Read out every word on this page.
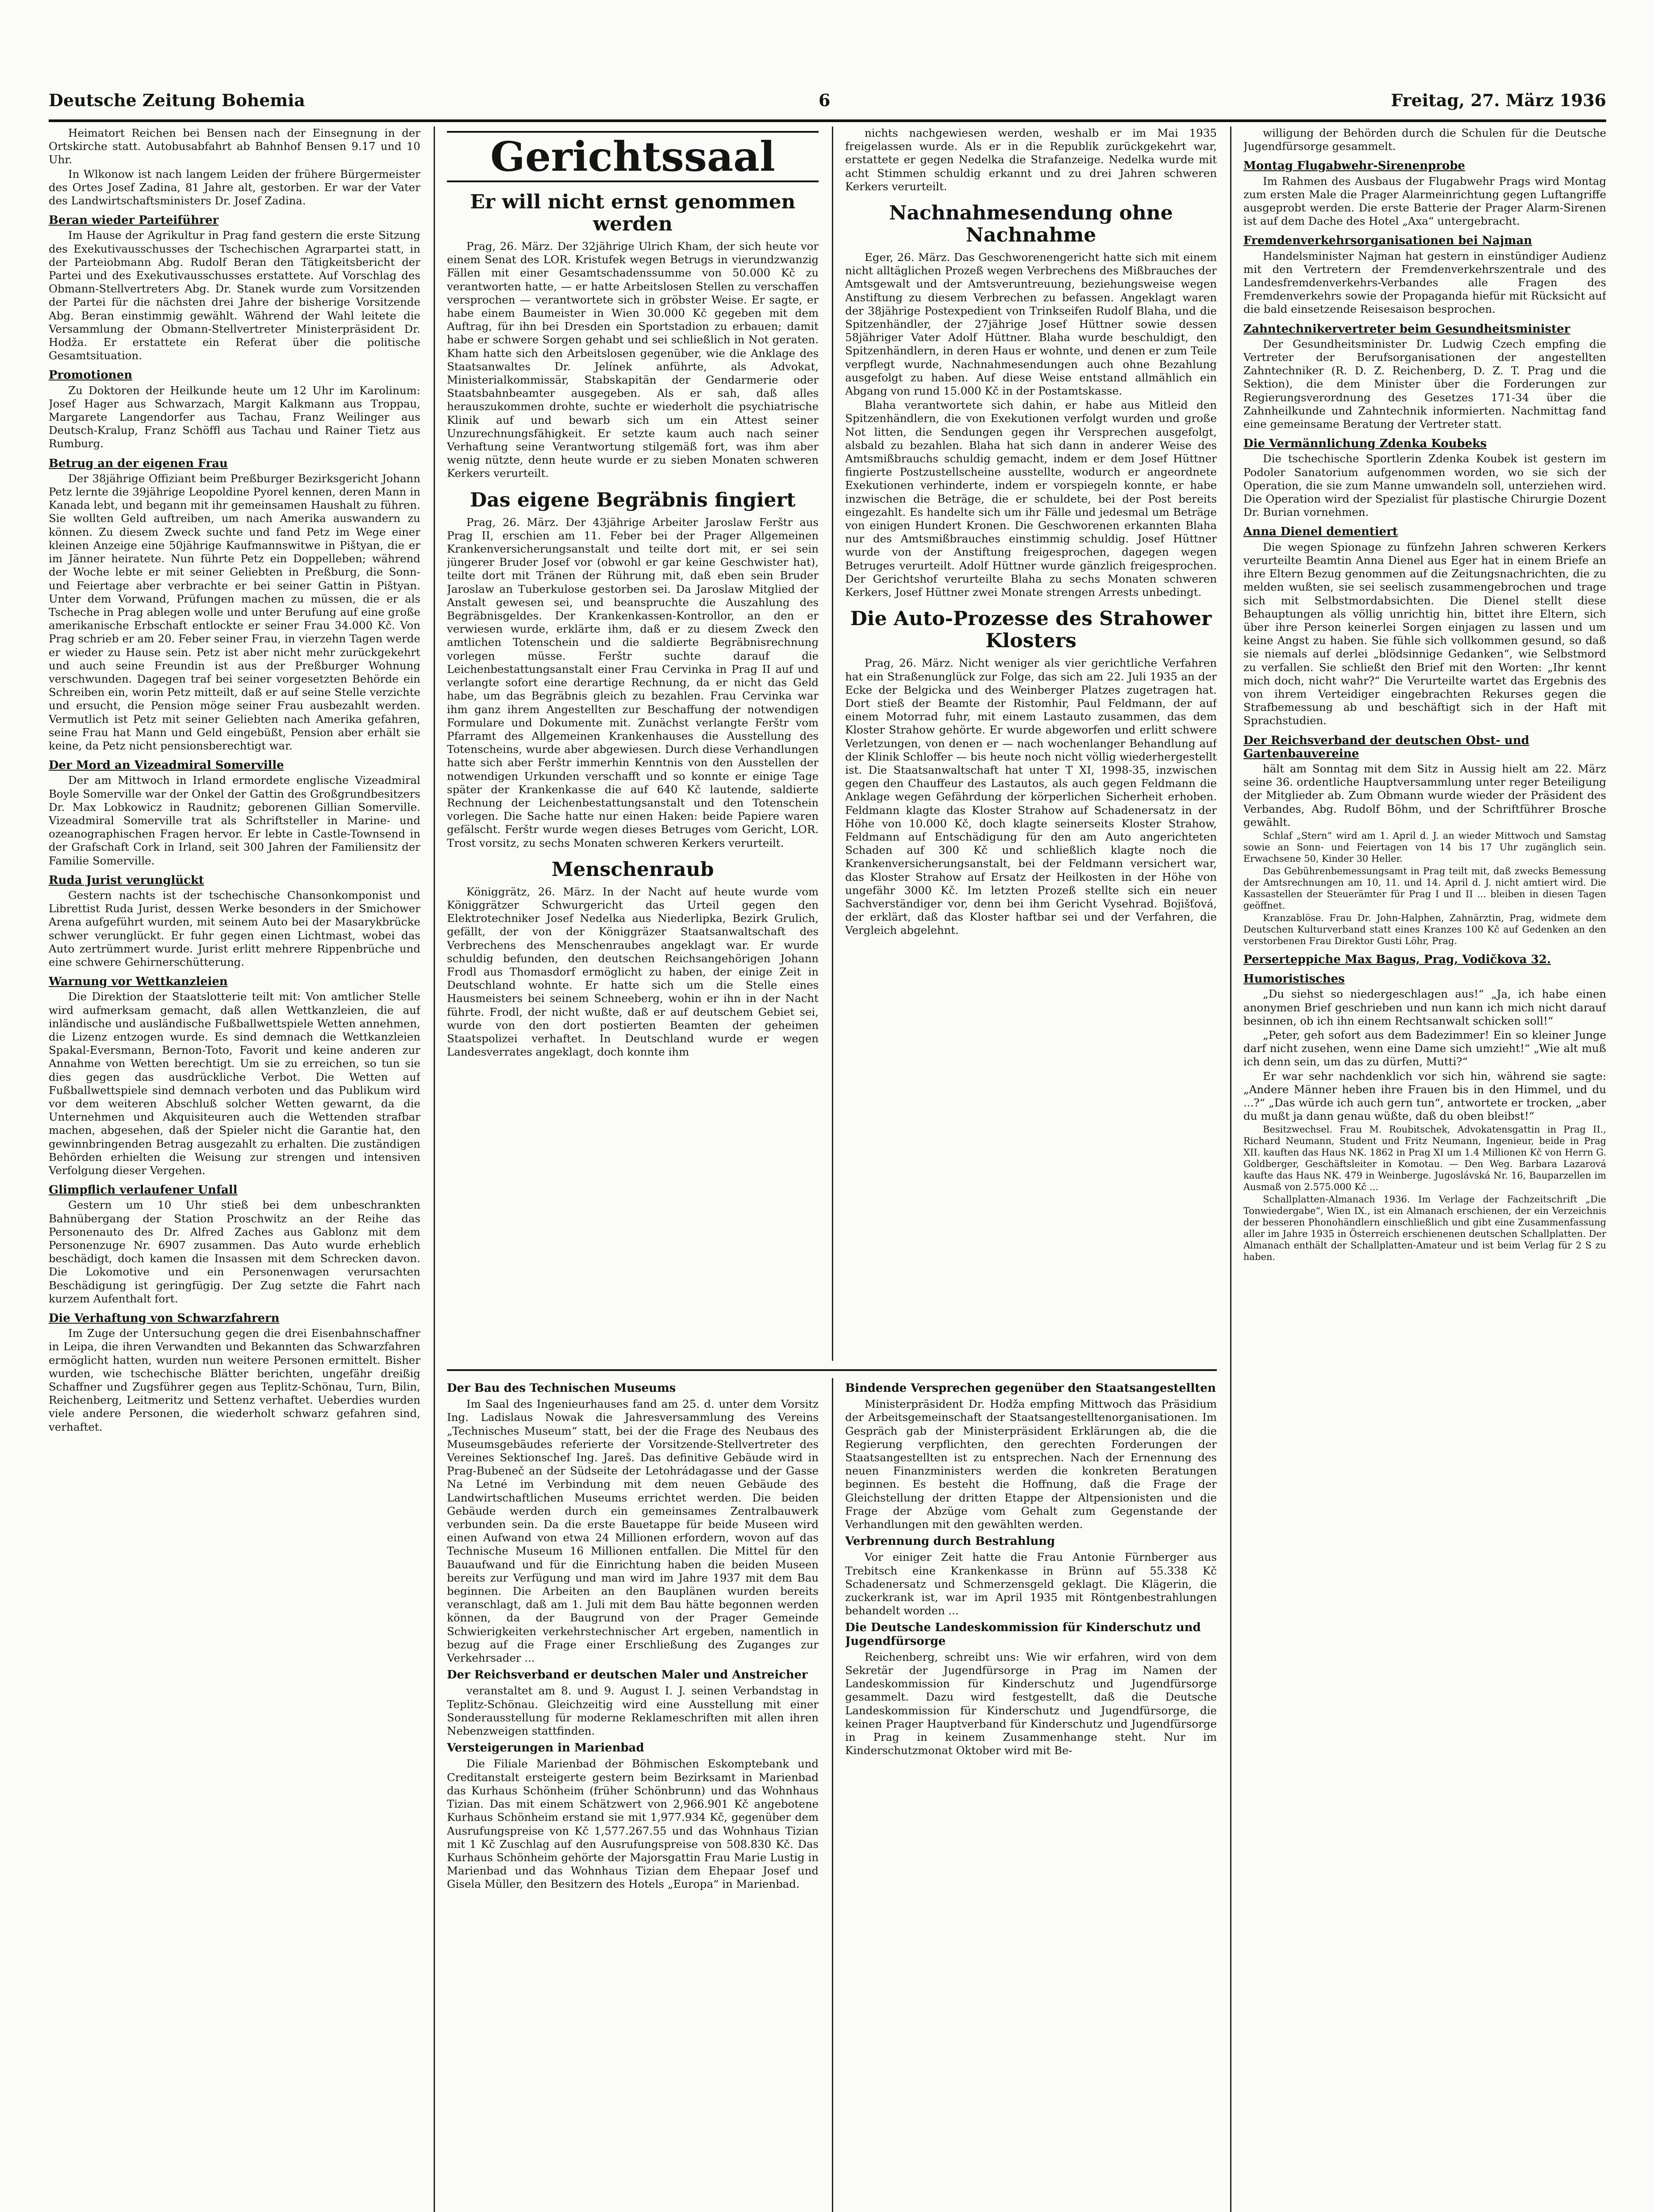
Deutsche Zeitung Bohemia	6	Freitag, 27. März 1936

Heimatort Reichen bei Bensen nach der Einsegnung in der Ortskirche statt. Autobusabfahrt ab Bahnhof Bensen 9.17 und 10 Uhr.

In Wlkonow ist nach langem Leiden der frühere Bürgermeister des Ortes Josef Zadina, 81 Jahre alt, gestorben. Er war der Vater des Landwirtschaftsministers Dr. Josef Zadina.

Beran wieder Parteiführer

Im Hause der Agrikultur in Prag fand gestern die erste Sitzung des Exekutivausschusses der Tschechischen Agrarpartei statt, in der Parteiobmann Abg. Rudolf Beran den Tätigkeitsbericht der Partei und des Exekutivausschusses erstattete. Auf Vorschlag des Obmann-Stellvertreters Abg. Dr. Stanek wurde zum Vorsitzenden der Partei für die nächsten drei Jahre der bisherige Vorsitzende Abg. Beran einstimmig gewählt. Während der Wahl leitete die Versammlung der Obmann-Stellvertreter Ministerpräsident Dr. Hodža. Er erstattete ein Referat über die politische Gesamtsituation.

Promotionen

Zu Doktoren der Heilkunde heute um 12 Uhr im Karolinum: Josef Hager aus Schwarzach, Margit Kalkmann aus Troppau, Margarete Langendorfer aus Tachau, Franz Weilinger aus Deutsch-Kralup, Franz Schöffl aus Tachau und Rainer Tietz aus Rumburg.

Betrug an der eigenen Frau

Der 38jährige Offiziant beim Preßburger Bezirksgericht Johann Petz lernte die 39jährige Leopoldine Pyorel kennen, deren Mann in Kanada lebt, und begann mit ihr gemeinsamen Haushalt zu führen. Sie wollten Geld auftreiben, um nach Amerika auswandern zu können. Zu diesem Zweck suchte und fand Petz im Wege einer kleinen Anzeige eine 50jährige Kaufmannswitwe in Pištyan, die er im Jänner heiratete. Nun führte Petz ein Doppelleben; während der Woche lebte er mit seiner Geliebten in Preßburg, die Sonn- und Feiertage aber verbrachte er bei seiner Gattin in Pištyan. Unter dem Vorwand, Prüfungen machen zu müssen, die er als Tscheche in Prag ablegen wolle und unter Berufung auf eine große amerikanische Erbschaft entlockte er seiner Frau 34.000 Kč. Von Prag schrieb er am 20. Feber seiner Frau, in vierzehn Tagen werde er wieder zu Hause sein. Petz ist aber nicht mehr zurückgekehrt und auch seine Freundin ist aus der Preßburger Wohnung verschwunden. Dagegen traf bei seiner vorgesetzten Behörde ein Schreiben ein, worin Petz mitteilt, daß er auf seine Stelle verzichte und ersucht, die Pension möge seiner Frau ausbezahlt werden. Vermutlich ist Petz mit seiner Geliebten nach Amerika gefahren, seine Frau hat Mann und Geld eingebüßt, Pension aber erhält sie keine, da Petz nicht pensionsberechtigt war.

Der Mord an Vizeadmiral Somerville

Der am Mittwoch in Irland ermordete englische Vizeadmiral Boyle Somerville war der Onkel der Gattin des Großgrundbesitzers Dr. Max Lobkowicz in Raudnitz; geborenen Gillian Somerville. Vizeadmiral Somerville trat als Schriftsteller in Marine- und ozeanographischen Fragen hervor. Er lebte in Castle-Townsend in der Grafschaft Cork in Irland, seit 300 Jahren der Familiensitz der Familie Somerville.

Ruda Jurist verunglückt

Gestern nachts ist der tschechische Chansonkomponist und Librettist Ruda Jurist, dessen Werke besonders in der Smichower Arena aufgeführt wurden, mit seinem Auto bei der Masarykbrücke schwer verunglückt. Er fuhr gegen einen Lichtmast, wobei das Auto zertrümmert wurde. Jurist erlitt mehrere Rippenbrüche und eine schwere Gehirnerschütterung.

Warnung vor Wettkanzleien

Die Direktion der Staatslotterie teilt mit: Von amtlicher Stelle wird aufmerksam gemacht, daß allen Wettkanzleien, die auf inländische und ausländische Fußballwettspiele Wetten annehmen, die Lizenz entzogen wurde. Es sind demnach die Wettkanzleien Spakal-Eversmann, Bernon-Toto, Favorit und keine anderen zur Annahme von Wetten berechtigt. Um sie zu erreichen, so tun sie dies gegen das ausdrückliche Verbot. Die Wetten auf Fußballwettspiele sind demnach verboten und das Publikum wird vor dem weiteren Abschluß solcher Wetten gewarnt, da die Unternehmen und Akquisiteuren auch die Wettenden strafbar machen, abgesehen, daß der Spieler nicht die Garantie hat, den gewinnbringenden Betrag ausgezahlt zu erhalten. Die zuständigen Behörden erhielten die Weisung zur strengen und intensiven Verfolgung dieser Vergehen.

Glimpflich verlaufener Unfall

Gestern um 10 Uhr stieß bei dem unbeschrankten Bahnübergang der Station Proschwitz an der Reihe das Personenauto des Dr. Alfred Zaches aus Gablonz mit dem Personenzuge Nr. 6907 zusammen. Das Auto wurde erheblich beschädigt, doch kamen die Insassen mit dem Schrecken davon. Die Lokomotive und ein Personenwagen verursachten Beschädigung ist geringfügig. Der Zug setzte die Fahrt nach kurzem Aufenthalt fort.

Die Verhaftung von Schwarzfahrern

Im Zuge der Untersuchung gegen die drei Eisenbahnschaffner in Leipa, die ihren Verwandten und Bekannten das Schwarzfahren ermöglicht hatten, wurden nun weitere Personen ermittelt. Bisher wurden, wie tschechische Blätter berichten, ungefähr dreißig Schaffner und Zugsführer gegen aus Teplitz-Schönau, Turn, Bilin, Reichenberg, Leitmeritz und Settenz verhaftet. Ueberdies wurden viele andere Personen, die wiederholt schwarz gefahren sind, verhaftet.

Gerichtssaal
Er will nicht ernst genommen werden

Prag, 26. März. Der 32jährige Ulrich Kham, der sich heute vor einem Senat des LOR. Kristufek wegen Betrugs in vierundzwanzig Fällen mit einer Gesamtschadenssumme von 50.000 Kč zu verantworten hatte, — er hatte Arbeitslosen Stellen zu verschaffen versprochen — verantwortete sich in gröbster Weise. Er sagte, er habe einem Baumeister in Wien 30.000 Kč gegeben mit dem Auftrag, für ihn bei Dresden ein Sportstadion zu erbauen; damit habe er schwere Sorgen gehabt und sei schließlich in Not geraten. Kham hatte sich den Arbeitslosen gegenüber, wie die Anklage des Staatsanwaltes Dr. Jelínek anführte, als Advokat, Ministerialkommissär, Stabskapitän der Gendarmerie oder Staatsbahnbeamter ausgegeben. Als er sah, daß alles herauszukommen drohte, suchte er wiederholt die psychiatrische Klinik auf und bewarb sich um ein Attest seiner Unzurechnungsfähigkeit. Er setzte kaum auch nach seiner Verhaftung seine Verantwortung stilgemäß fort, was ihm aber wenig nützte, denn heute wurde er zu sieben Monaten schweren Kerkers verurteilt.

Das eigene Begräbnis fingiert

Prag, 26. März. Der 43jährige Arbeiter Jaroslaw Ferštr aus Prag II, erschien am 11. Feber bei der Prager Allgemeinen Krankenversicherungsanstalt und teilte dort mit, er sei sein jüngerer Bruder Josef vor (obwohl er gar keine Geschwister hat), teilte dort mit Tränen der Rührung mit, daß eben sein Bruder Jaroslaw an Tuberkulose gestorben sei. Da Jaroslaw Mitglied der Anstalt gewesen sei, und beanspruchte die Auszahlung des Begräbnisgeldes. Der Krankenkassen-Kontrollor, an den er verwiesen wurde, erklärte ihm, daß er zu diesem Zweck den amtlichen Totenschein und die saldierte Begräbnisrechnung vorlegen müsse. Ferštr suchte darauf die Leichenbestattungsanstalt einer Frau Cervinka in Prag II auf und verlangte sofort eine derartige Rechnung, da er nicht das Geld habe, um das Begräbnis gleich zu bezahlen. Frau Cervinka war ihm ganz ihrem Angestellten zur Beschaffung der notwendigen Formulare und Dokumente mit. Zunächst verlangte Ferštr vom Pfarramt des Allgemeinen Krankenhauses die Ausstellung des Totenscheins, wurde aber abgewiesen. Durch diese Verhandlungen hatte sich aber Ferštr immerhin Kenntnis von den Ausstellen der notwendigen Urkunden verschafft und so konnte er einige Tage später der Krankenkasse die auf 640 Kč lautende, saldierte Rechnung der Leichenbestattungsanstalt und den Totenschein vorlegen. Die Sache hatte nur einen Haken: beide Papiere waren gefälscht. Ferštr wurde wegen dieses Betruges vom Gericht, LOR. Trost vorsitz, zu sechs Monaten schweren Kerkers verurteilt.

Menschenraub

Königgrätz, 26. März. In der Nacht auf heute wurde vom Königgrätzer Schwurgericht das Urteil gegen den Elektrotechniker Josef Nedelka aus Niederlipka, Bezirk Grulich, gefällt, der von der Königgräzer Staatsanwaltschaft des Verbrechens des Menschenraubes angeklagt war. Er wurde schuldig befunden, den deutschen Reichsangehörigen Johann Frodl aus Thomasdorf ermöglicht zu haben, der einige Zeit in Deutschland wohnte. Er hatte sich um die Stelle eines Hausmeisters bei seinem Schneeberg, wohin er ihn in der Nacht führte. Frodl, der nicht wußte, daß er auf deutschem Gebiet sei, wurde von den dort postierten Beamten der geheimen Staatspolizei verhaftet. In Deutschland wurde er wegen Landesverrates angeklagt, doch konnte ihm

nichts nachgewiesen werden, weshalb er im Mai 1935 freigelassen wurde. Als er in die Republik zurückgekehrt war, erstattete er gegen Nedelka die Strafanzeige. Nedelka wurde mit acht Stimmen schuldig erkannt und zu drei Jahren schweren Kerkers verurteilt.

Nachnahmesendung ohne Nachnahme

Eger, 26. März. Das Geschworenengericht hatte sich mit einem nicht alltäglichen Prozeß wegen Verbrechens des Mißbrauches der Amtsgewalt und der Amtsveruntreuung, beziehungsweise wegen Anstiftung zu diesem Verbrechen zu befassen. Angeklagt waren der 38jährige Postexpedient von Trinkseifen Rudolf Blaha, und die Spitzenhändler, der 27jährige Josef Hüttner sowie dessen 58jähriger Vater Adolf Hüttner. Blaha wurde beschuldigt, den Spitzenhändlern, in deren Haus er wohnte, und denen er zum Teile verpflegt wurde, Nachnahmesendungen auch ohne Bezahlung ausgefolgt zu haben. Auf diese Weise entstand allmählich ein Abgang von rund 15.000 Kč in der Postamtskasse.

Blaha verantwortete sich dahin, er habe aus Mitleid den Spitzenhändlern, die von Exekutionen verfolgt wurden und große Not litten, die Sendungen gegen ihr Versprechen ausgefolgt, alsbald zu bezahlen. Blaha hat sich dann in anderer Weise des Amtsmißbrauchs schuldig gemacht, indem er dem Josef Hüttner fingierte Postzustellscheine ausstellte, wodurch er angeordnete Exekutionen verhinderte, indem er vorspiegeln konnte, er habe inzwischen die Beträge, die er schuldete, bei der Post bereits eingezahlt. Es handelte sich um ihr Fälle und jedesmal um Beträge von einigen Hundert Kronen. Die Geschworenen erkannten Blaha nur des Amtsmißbrauches einstimmig schuldig. Josef Hüttner wurde von der Anstiftung freigesprochen, dagegen wegen Betruges verurteilt. Adolf Hüttner wurde gänzlich freigesprochen. Der Gerichtshof verurteilte Blaha zu sechs Monaten schweren Kerkers, Josef Hüttner zwei Monate strengen Arrests unbedingt.

Die Auto-Prozesse des Strahower Klosters

Prag, 26. März. Nicht weniger als vier gerichtliche Verfahren hat ein Straßenunglück zur Folge, das sich am 22. Juli 1935 an der Ecke der Belgicka und des Weinberger Platzes zugetragen hat. Dort stieß der Beamte der Ristomhir, Paul Feldmann, der auf einem Motorrad fuhr, mit einem Lastauto zusammen, das dem Kloster Strahow gehörte. Er wurde abgeworfen und erlitt schwere Verletzungen, von denen er — nach wochenlanger Behandlung auf der Klinik Schloffer — bis heute noch nicht völlig wiederhergestellt ist. Die Staatsanwaltschaft hat unter T XI, 1998-35, inzwischen gegen den Chauffeur des Lastautos, als auch gegen Feldmann die Anklage wegen Gefährdung der körperlichen Sicherheit erhoben. Feldmann klagte das Kloster Strahow auf Schadenersatz in der Höhe von 10.000 Kč, doch klagte seinerseits Kloster Strahow, Feldmann auf Entschädigung für den am Auto angerichteten Schaden auf 300 Kč und schließlich klagte noch die Krankenversicherungsanstalt, bei der Feldmann versichert war, das Kloster Strahow auf Ersatz der Heilkosten in der Höhe von ungefähr 3000 Kč. Im letzten Prozeß stellte sich ein neuer Sachverständiger vor, denn bei ihm Gericht Vysehrad. Bojišťová, der erklärt, daß das Kloster haftbar sei und der Verfahren, die Vergleich abgelehnt.

willigung der Behörden durch die Schulen für die Deutsche Jugendfürsorge gesammelt.

Montag Flugabwehr-Sirenenprobe

Im Rahmen des Ausbaus der Flugabwehr Prags wird Montag zum ersten Male die Prager Alarmeinrichtung gegen Luftangriffe ausgeprobt werden. Die erste Batterie der Prager Alarm-Sirenen ist auf dem Dache des Hotel „Axa“ untergebracht.

Fremdenverkehrsorganisationen bei Najman

Handelsminister Najman hat gestern in einstündiger Audienz mit den Vertretern der Fremdenverkehrszentrale und des Landesfremdenverkehrs-Verbandes alle Fragen des Fremdenverkehrs sowie der Propaganda hiefür mit Rücksicht auf die bald einsetzende Reisesaison besprochen.

Zahntechnikervertreter beim Gesundheitsminister

Der Gesundheitsminister Dr. Ludwig Czech empfing die Vertreter der Berufsorganisationen der angestellten Zahntechniker (R. D. Z. Reichenberg, D. Z. T. Prag und die Sektion), die dem Minister über die Forderungen zur Regierungsverordnung des Gesetzes 171-34 über die Zahnheilkunde und Zahntechnik informierten. Nachmittag fand eine gemeinsame Beratung der Vertreter statt.

Die Vermännlichung Zdenka Koubeks

Die tschechische Sportlerin Zdenka Koubek ist gestern im Podoler Sanatorium aufgenommen worden, wo sie sich der Operation, die sie zum Manne umwandeln soll, unterziehen wird. Die Operation wird der Spezialist für plastische Chirurgie Dozent Dr. Burian vornehmen.

Anna Dienel dementiert

Die wegen Spionage zu fünfzehn Jahren schweren Kerkers verurteilte Beamtin Anna Dienel aus Eger hat in einem Briefe an ihre Eltern Bezug genommen auf die Zeitungsnachrichten, die zu melden wußten, sie sei seelisch zusammengebrochen und trage sich mit Selbstmordabsichten. Die Dienel stellt diese Behauptungen als völlig unrichtig hin, bittet ihre Eltern, sich über ihre Person keinerlei Sorgen einjagen zu lassen und um keine Angst zu haben. Sie fühle sich vollkommen gesund, so daß sie niemals auf derlei „blödsinnige Gedanken“, wie Selbstmord zu verfallen. Sie schließt den Brief mit den Worten: „Ihr kennt mich doch, nicht wahr?“ Die Verurteilte wartet das Ergebnis des von ihrem Verteidiger eingebrachten Rekurses gegen die Strafbemessung ab und beschäftigt sich in der Haft mit Sprachstudien.

Der Reichsverband der deutschen Obst- und Gartenbauvereine

hält am Sonntag mit dem Sitz in Aussig hielt am 22. März seine 36. ordentliche Hauptversammlung unter reger Beteiligung der Mitglieder ab. Zum Obmann wurde wieder der Präsident des Verbandes, Abg. Rudolf Böhm, und der Schriftführer Brosche gewählt.

Schlaf „Stern“ wird am 1. April d. J. an wieder Mittwoch und Samstag sowie an Sonn- und Feiertagen von 14 bis 17 Uhr zugänglich sein. Erwachsene 50, Kinder 30 Heller.

Das Gebührenbemessungsamt in Prag teilt mit, daß zwecks Bemessung der Amtsrechnungen am 10, 11. und 14. April d. J. nicht amtiert wird. Die Kassastellen der Steuerämter für Prag I und II ... bleiben in diesen Tagen geöffnet.

Kranzablöse. Frau Dr. John-Halphen, Zahnärztin, Prag, widmete dem Deutschen Kulturverband statt eines Kranzes 100 Kč auf Gedenken an den verstorbenen Frau Direktor Gusti Löhr, Prag.

Perserteppiche Max Bagus, Prag, Vodičkova 32.
Humoristisches

„Du siehst so niedergeschlagen aus!“ „Ja, ich habe einen anonymen Brief geschrieben und nun kann ich mich nicht darauf besinnen, ob ich ihn einem Rechtsanwalt schicken soll!“

„Peter, geh sofort aus dem Badezimmer! Ein so kleiner Junge darf nicht zusehen, wenn eine Dame sich umzieht!“ „Wie alt muß ich denn sein, um das zu dürfen, Mutti?“

Er war sehr nachdenklich vor sich hin, während sie sagte: „Andere Männer heben ihre Frauen bis in den Himmel, und du ...?“ „Das würde ich auch gern tun“, antwortete er trocken, „aber du mußt ja dann genau wüßte, daß du oben bleibst!“

Besitzwechsel. Frau M. Roubitschek, Advokatensgattin in Prag II., Richard Neumann, Student und Fritz Neumann, Ingenieur, beide in Prag XII. kauften das Haus NK. 1862 in Prag XI um 1.4 Millionen Kč von Herrn G. Goldberger, Geschäftsleiter in Komotau. — Den Weg. Barbara Lazarová kaufte das Haus NK. 479 in Weinberge. Jugoslávská Nr. 16, Bauparzellen im Ausmaß von 2.575.000 Kč ...

Schallplatten-Almanach 1936. Im Verlage der Fachzeitschrift „Die Tonwiedergabe“, Wien IX., ist ein Almanach erschienen, der ein Verzeichnis der besseren Phonohändlern einschließlich und gibt eine Zusammenfassung aller im Jahre 1935 in Österreich erschienenen deutschen Schallplatten. Der Almanach enthält der Schallplatten-Amateur und ist beim Verlag für 2 S zu haben.

Der Bau des Technischen Museums

Im Saal des Ingenieurhauses fand am 25. d. unter dem Vorsitz Ing. Ladislaus Nowak die Jahresversammlung des Vereins „Technisches Museum“ statt, bei der die Frage des Neubaus des Museumsgebäudes referierte der Vorsitzende-Stellvertreter des Vereines Sektionschef Ing. Jareš. Das definitive Gebäude wird in Prag-Bubeneč an der Südseite der Letohrádagasse und der Gasse Na Letné im Verbindung mit dem neuen Gebäude des Landwirtschaftlichen Museums errichtet werden. Die beiden Gebäude werden durch ein gemeinsames Zentralbauwerk verbunden sein. Da die erste Bauetappe für beide Museen wird einen Aufwand von etwa 24 Millionen erfordern, wovon auf das Technische Museum 16 Millionen entfallen. Die Mittel für den Bauaufwand und für die Einrichtung haben die beiden Museen bereits zur Verfügung und man wird im Jahre 1937 mit dem Bau beginnen. Die Arbeiten an den Bauplänen wurden bereits veranschlagt, daß am 1. Juli mit dem Bau hätte begonnen werden können, da der Baugrund von der Prager Gemeinde Schwierigkeiten verkehrstechnischer Art ergeben, namentlich in bezug auf die Frage einer Erschließung des Zuganges zur Verkehrsader ...

Der Reichsverband er deutschen Maler und Anstreicher

veranstaltet am 8. und 9. August I. J. seinen Verbandstag in Teplitz-Schönau. Gleichzeitig wird eine Ausstellung mit einer Sonderausstellung für moderne Reklameschriften mit allen ihren Nebenzweigen stattfinden.

Versteigerungen in Marienbad

Die Filiale Marienbad der Böhmischen Eskomptebank und Creditanstalt ersteigerte gestern beim Bezirksamt in Marienbad das Kurhaus Schönheim (früher Schönbrunn) und das Wohnhaus Tizian. Das mit einem Schätzwert von 2,966.901 Kč angebotene Kurhaus Schönheim erstand sie mit 1,977.934 Kč, gegenüber dem Ausrufungspreise von Kč 1,577.267.55 und das Wohnhaus Tizian mit 1 Kč Zuschlag auf den Ausrufungspreise von 508.830 Kč. Das Kurhaus Schönheim gehörte der Majorsgattin Frau Marie Lustig in Marienbad und das Wohnhaus Tizian dem Ehepaar Josef und Gisela Müller, den Besitzern des Hotels „Europa“ in Marienbad.

Bindende Versprechen gegenüber den Staatsangestellten

Ministerpräsident Dr. Hodža empfing Mittwoch das Präsidium der Arbeitsgemeinschaft der Staatsangestelltenorganisationen. Im Gespräch gab der Ministerpräsident Erklärungen ab, die die Regierung verpflichten, den gerechten Forderungen der Staatsangestellten ist zu entsprechen. Nach der Ernennung des neuen Finanzministers werden die konkreten Beratungen beginnen. Es besteht die Hoffnung, daß die Frage der Gleichstellung der dritten Etappe der Altpensionisten und die Frage der Abzüge vom Gehalt zum Gegenstande der Verhandlungen mit den gewählten werden.

Verbrennung durch Bestrahlung

Vor einiger Zeit hatte die Frau Antonie Fürnberger aus Trebitsch eine Krankenkasse in Brünn auf 55.338 Kč Schadenersatz und Schmerzensgeld geklagt. Die Klägerin, die zuckerkrank ist, war im April 1935 mit Röntgenbestrahlungen behandelt worden ...

Die Deutsche Landeskommission für Kinderschutz und Jugendfürsorge

Reichenberg, schreibt uns: Wie wir erfahren, wird von dem Sekretär der Jugendfürsorge in Prag im Namen der Landeskommission für Kinderschutz und Jugendfürsorge gesammelt. Dazu wird festgestellt, daß die Deutsche Landeskommission für Kinderschutz und Jugendfürsorge, die keinen Prager Hauptverband für Kinderschutz und Jugendfürsorge in Prag in keinem Zusammenhange steht. Nur im Kinderschutzmonat Oktober wird mit Be-
